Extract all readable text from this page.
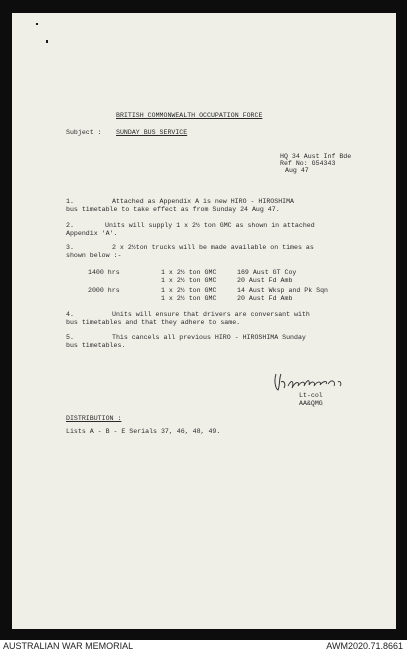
BRITISH COMMONWEALTH OCCUPATION FORCE
Subject : SUNDAY BUS SERVICE
HQ 34 Aust Inf Bde
Ref No: G54343
Aug 47
1.	Attached as Appendix A is new HIRO - HIROSHIMA
bus timetable to take effect as from Sunday 24 Aug 47.
2.	Units will supply 1 x 2½ ton GMC as shown in attached
Appendix 'A'.
3.	2 x 2½ton trucks will be made available on times as
shown below :-
1400 hrs	1 x 2½ ton GMC	169 Aust GT Coy
1 x 2½ ton GMC	20 Aust Fd Amb
2000 hrs	1 x 2½ ton GMC	14 Aust Wksp and Pk Sqn
1 x 2½ ton GMC	20 Aust Fd Amb
4.	Units will ensure that drivers are conversant with
bus timetables and that they adhere to same.
5.	This cancels all previous HIRO - HIROSHIMA Sunday
bus timetables.
Lt-col
AA&QMG
DISTRIBUTION :
Lists A - B - E Serials 37, 46, 48, 49.
AUSTRALIAN WAR MEMORIAL	AWM2020.71.8661
